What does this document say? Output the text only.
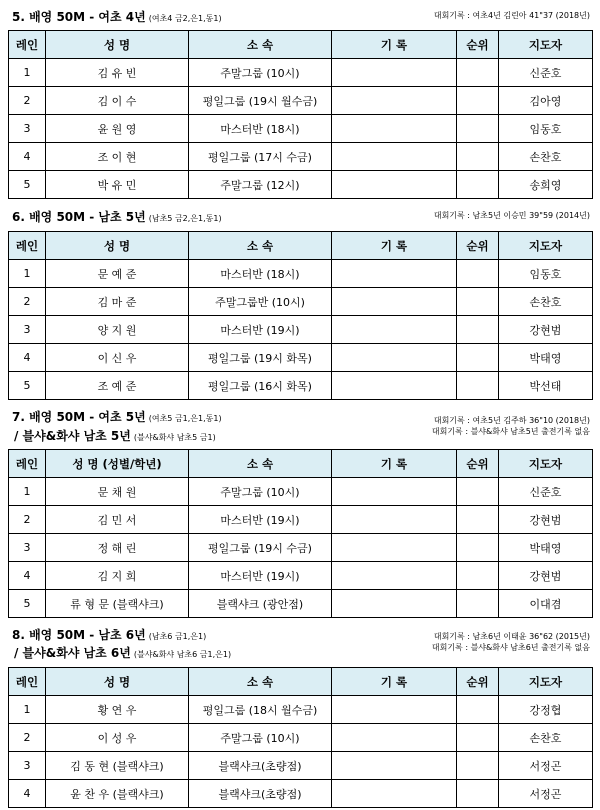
5. 배영 50M - 여초 4년 (여초4 금2,은1,동1)	대회기록 : 여초4년 김린아 41"37 (2018년)
레인	성 명	소 속	기 록	순위	지도자
1	김 유 빈	주말그룹 (10시)			신준호
2	김 이 수	평일그룹 (19시 월수금)			김아영
3	윤 원 영	마스터반 (18시)			임동호
4	조 이 현	평일그룹 (17시 수금)			손찬호
5	박 유 민	주말그룹 (12시)			송희영
6. 배영 50M - 남초 5년 (남초5 금2,은1,동1)	대회기록 : 남초5년 이승민 39"59 (2014년)
레인	성 명	소 속	기 록	순위	지도자
1	문 예 준	마스터반 (18시)			임동호
2	김 마 준	주말그룹반 (10시)			손찬호
3	양 지 원	마스터반 (19시)			강현범
4	이 신 우	평일그룹 (19시 화목)			박태영
5	조 예 준	평일그룹 (16시 화목)			박선태
7. 배영 50M - 여초 5년 (여초5 금1,은1,동1)
/ 블샤&화샤 남초 5년 (블샤&화샤 남초5 금1)
대회기록 : 여초5년 김주하 36"10 (2018년)
대회기록 : 블샤&화샤 남초5년 출전기록 없음
레인	성 명 (성별/학년)	소 속	기 록	순위	지도자
1	문 채 원	주말그룹 (10시)			신준호
2	김 민 서	마스터반 (19시)			강현범
3	정 해 린	평일그룹 (19시 수금)			박태영
4	김 지 희	마스터반 (19시)			강현범
5	류 형 문 (블랙샤크)	블랙샤크 (광안점)			이대겸
8. 배영 50M - 남초 6년 (남초6 금1,은1)
/ 블샤&화샤 남초 6년 (블샤&화샤 남초6 금1,은1)
대회기록 : 남초6년 이태윤 36"62 (2015년)
대회기록 : 블샤&화샤 남초6년 출전기록 없음
레인	성 명	소 속	기 록	순위	지도자
1	황 연 우	평일그룹 (18시 월수금)			강정협
2	이 성 우	주말그룹 (10시)			손찬호
3	김 동 현 (블랙샤크)	블랙샤크(초량점)			서정곤
4	윤 찬 우 (블랙샤크)	블랙샤크(초량점)			서정곤
